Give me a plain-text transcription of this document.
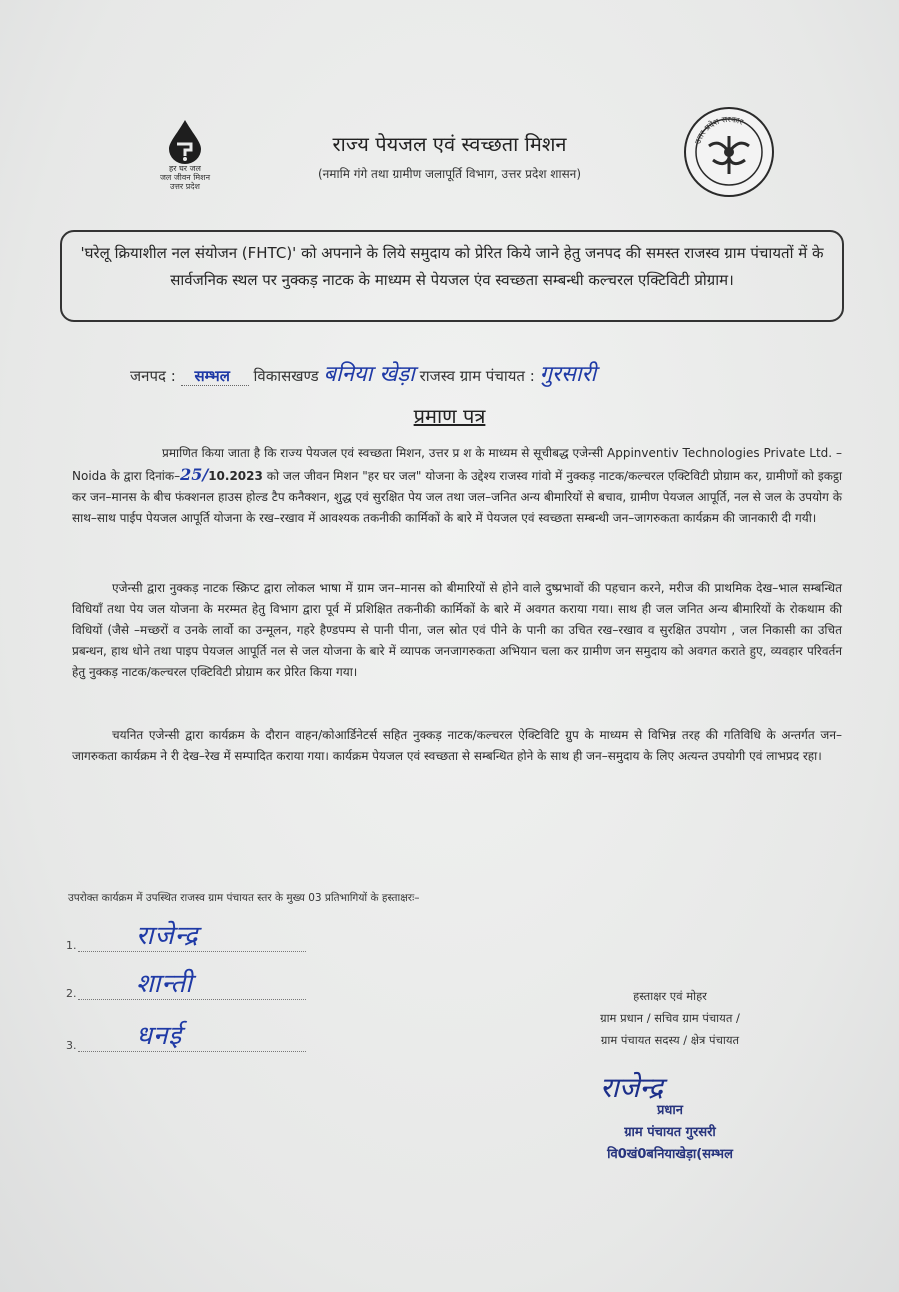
हर घर जल
जल जीवन मिशन
उत्तर प्रदेश
राज्य पेयजल एवं स्वच्छता मिशन
(नमामि गंगे तथा ग्रामीण जलापूर्ति विभाग, उत्तर प्रदेश शासन)
उत्तर प्रदेश सरकार
'घरेलू क्रियाशील नल संयोजन (FHTC)' को अपनाने के लिये समुदाय को प्रेरित किये जाने हेतु जनपद की समस्त राजस्व ग्राम पंचायतों में के सार्वजनिक स्थल पर नुक्कड़ नाटक के माध्यम से पेयजल एंव स्वच्छता सम्बन्धी कल्चरल एक्टिविटी प्रोग्राम।
जनपद : सम्भल विकासखण्ड बनिया खेड़ा राजस्व ग्राम पंचायत : गुरसारी
प्रमाण पत्र
प्रमाणित किया जाता है कि राज्य पेयजल एवं स्वच्छता मिशन, उत्तर प्र श के माध्यम से सूचीबद्ध एजेन्सी Appinventiv Technologies Private Ltd. – Noida के द्वारा दिनांक–25/10.2023 को जल जीवन मिशन "हर घर जल" योजना के उद्देश्य राजस्व गांवो में नुक्कड़ नाटक/कल्चरल एक्टिविटी प्रोग्राम कर, ग्रामीणों को इकट्ठा कर जन–मानस के बीच फंक्शनल हाउस होल्ड टैप कनैक्शन, शुद्ध एवं सुरक्षित पेय जल तथा जल–जनित अन्य बीमारियों से बचाव, ग्रामीण पेयजल आपूर्ति, नल से जल के उपयोग के साथ–साथ पाईप पेयजल आपूर्ति योजना के रख–रखाव में आवश्यक तकनीकी कार्मिकों के बारे में पेयजल एवं स्वच्छता सम्बन्धी जन–जागरुकता कार्यक्रम की जानकारी दी गयी।
एजेन्सी द्वारा नुक्कड़ नाटक स्क्रिप्ट द्वारा लोकल भाषा में ग्राम जन–मानस को बीमारियों से होने वाले दुष्प्रभावों की पहचान करने, मरीज की प्राथमिक देख–भाल सम्बन्धित विधियाँ तथा पेय जल योजना के मरम्मत हेतु विभाग द्वारा पूर्व में प्रशिक्षित तकनीकी कार्मिकों के बारे में अवगत कराया गया। साथ ही जल जनित अन्य बीमारियों के रोकथाम की विधियों (जैसे –मच्छरों व उनके लार्वो का उन्मूलन, गहरे हैण्डपम्प से पानी पीना, जल स्रोत एवं पीने के पानी का उचित रख–रखाव व सुरक्षित उपयोग , जल निकासी का उचित प्रबन्धन, हाथ धोने तथा पाइप पेयजल आपूर्ति नल से जल योजना के बारे में व्यापक जनजागरुकता अभियान चला कर ग्रामीण जन समुदाय को अवगत कराते हुए, व्यवहार परिवर्तन हेतु नुक्कड़ नाटक/कल्चरल एक्टिविटी प्रोग्राम कर प्रेरित किया गया।
चयनित एजेन्सी द्वारा कार्यक्रम के दौरान वाहन/कोआर्डिनेटर्स सहित नुक्कड़ नाटक/कल्चरल ऐक्टिविटि ग्रुप के माध्यम से विभिन्न तरह की गतिविधि के अन्तर्गत जन–जागरुकता कार्यक्रम ने री देख–रेख में सम्पादित कराया गया। कार्यक्रम पेयजल एवं स्वच्छता से सम्बन्धित होने के साथ ही जन–समुदाय के लिए अत्यन्त उपयोगी एवं लाभप्रद रहा।
उपरोक्त कार्यक्रम में उपस्थित राजस्व ग्राम पंचायत स्तर के मुख्य 03 प्रतिभागियों के हस्ताक्षरः–
1. राजेन्द्र
2. शान्ती
3. धनई
हस्ताक्षर एवं मोहर
ग्राम प्रधान / सचिव ग्राम पंचायत /
ग्राम पंचायत सदस्य / क्षेत्र पंचायत
राजेन्द्र
प्रधान
ग्राम पंचायत गुरसरी
वि0खं0बनियाखेड़ा(सम्भल
